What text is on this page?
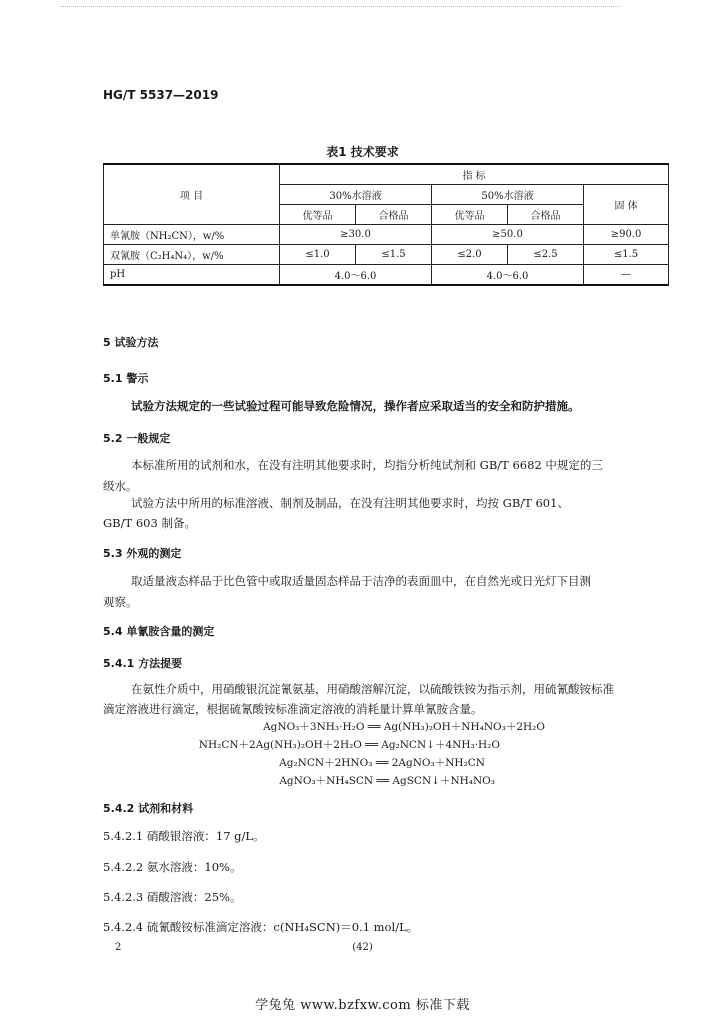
HG/T 5537—2019
表1 技术要求
项 目	指 标				
	30%水溶液		50%水溶液		固 体
	优等品	合格品	优等品	合格品	
单氰胺（NH₂CN），w/%	≥30.0		≥50.0		≥90.0
双氰胺（C₂H₄N₄），w/%	≤1.0	≤1.5	≤2.0	≤2.5	≤1.5
pH	4.0～6.0		4.0～6.0		—
5 试验方法
5.1 警示
试验方法规定的一些试验过程可能导致危险情况，操作者应采取适当的安全和防护措施。
5.2 一般规定
本标准所用的试剂和水，在没有注明其他要求时，均指分析纯试剂和 GB/T 6682 中规定的三
级水。
试验方法中所用的标准溶液、制剂及制品，在没有注明其他要求时，均按 GB/T 601、
GB/T 603 制备。
5.3 外观的测定
取适量液态样品于比色管中或取适量固态样品于洁净的表面皿中，在自然光或日光灯下目测
观察。
5.4 单氰胺含量的测定
5.4.1 方法提要
在氨性介质中，用硝酸银沉淀氰氨基，用硝酸溶解沉淀，以硫酸铁铵为指示剂，用硫氰酸铵标准
滴定溶液进行滴定，根据硫氰酸铵标准滴定溶液的消耗量计算单氰胺含量。
AgNO₃＋3NH₃·H₂O ══ Ag(NH₃)₂OH＋NH₄NO₃＋2H₂O
NH₂CN＋2Ag(NH₃)₂OH＋2H₂O ══ Ag₂NCN↓＋4NH₃·H₂O
Ag₂NCN＋2HNO₃ ══ 2AgNO₃＋NH₂CN
AgNO₃＋NH₄SCN ══ AgSCN↓＋NH₄NO₃
5.4.2 试剂和材料
5.4.2.1 硝酸银溶液：17 g/L。
5.4.2.2 氨水溶液：10%。
5.4.2.3 硝酸溶液：25%。
5.4.2.4 硫氰酸铵标准滴定溶液：c(NH₄SCN)＝0.1 mol/L。
2	(42)
学兔兔 www.bzfxw.com 标准下载
